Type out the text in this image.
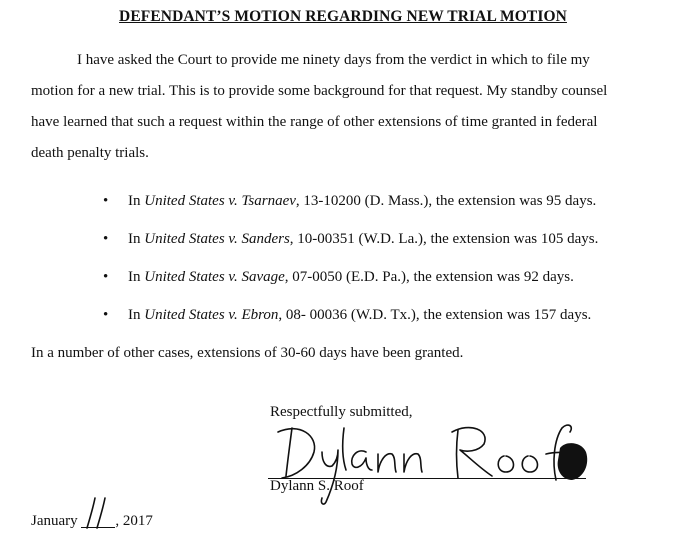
DEFENDANT’S MOTION REGARDING NEW TRIAL MOTION

I have asked the Court to provide me ninety days from the verdict in which to file my

motion for a new trial. This is to provide some background for that request. My standby counsel

have learned that such a request within the range of other extensions of time granted in federal

death penalty trials.

• In United States v. Tsarnaev, 13-10200 (D. Mass.), the extension was 95 days.
• In United States v. Sanders, 10-00351 (W.D. La.), the extension was 105 days.
• In United States v. Savage, 07-0050 (E.D. Pa.), the extension was 92 days.
• In United States v. Ebron, 08- 00036 (W.D. Tx.), the extension was 157 days.

In a number of other cases, extensions of 30-60 days have been granted.

Respectfully submitted,
Dylann S. Roof
January	, 2017
